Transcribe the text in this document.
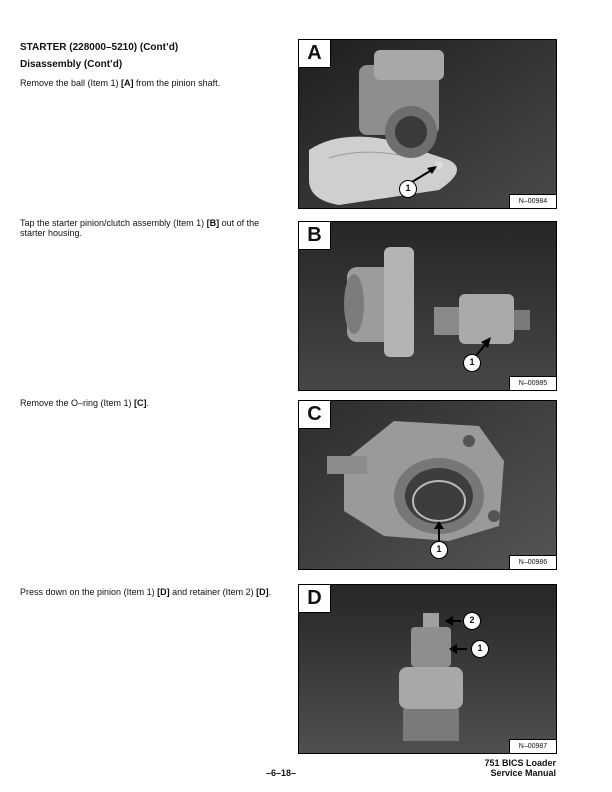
STARTER (228000–5210) (Cont’d)

Disassembly (Cont’d)

Remove the ball (Item 1) [A] from the pinion shaft.

Tap the starter pinion/clutch assembly (Item 1) [B] out of the starter housing.

Remove the O–ring (Item 1) [C].

Press down on the pinion (Item 1) [D] and retainer (Item 2) [D].

A
1
N–00984
B
1
N–00985
C
1
N–00986
D
2
1
N–00987
–6–18–
751 BICS Loader
Service Manual
